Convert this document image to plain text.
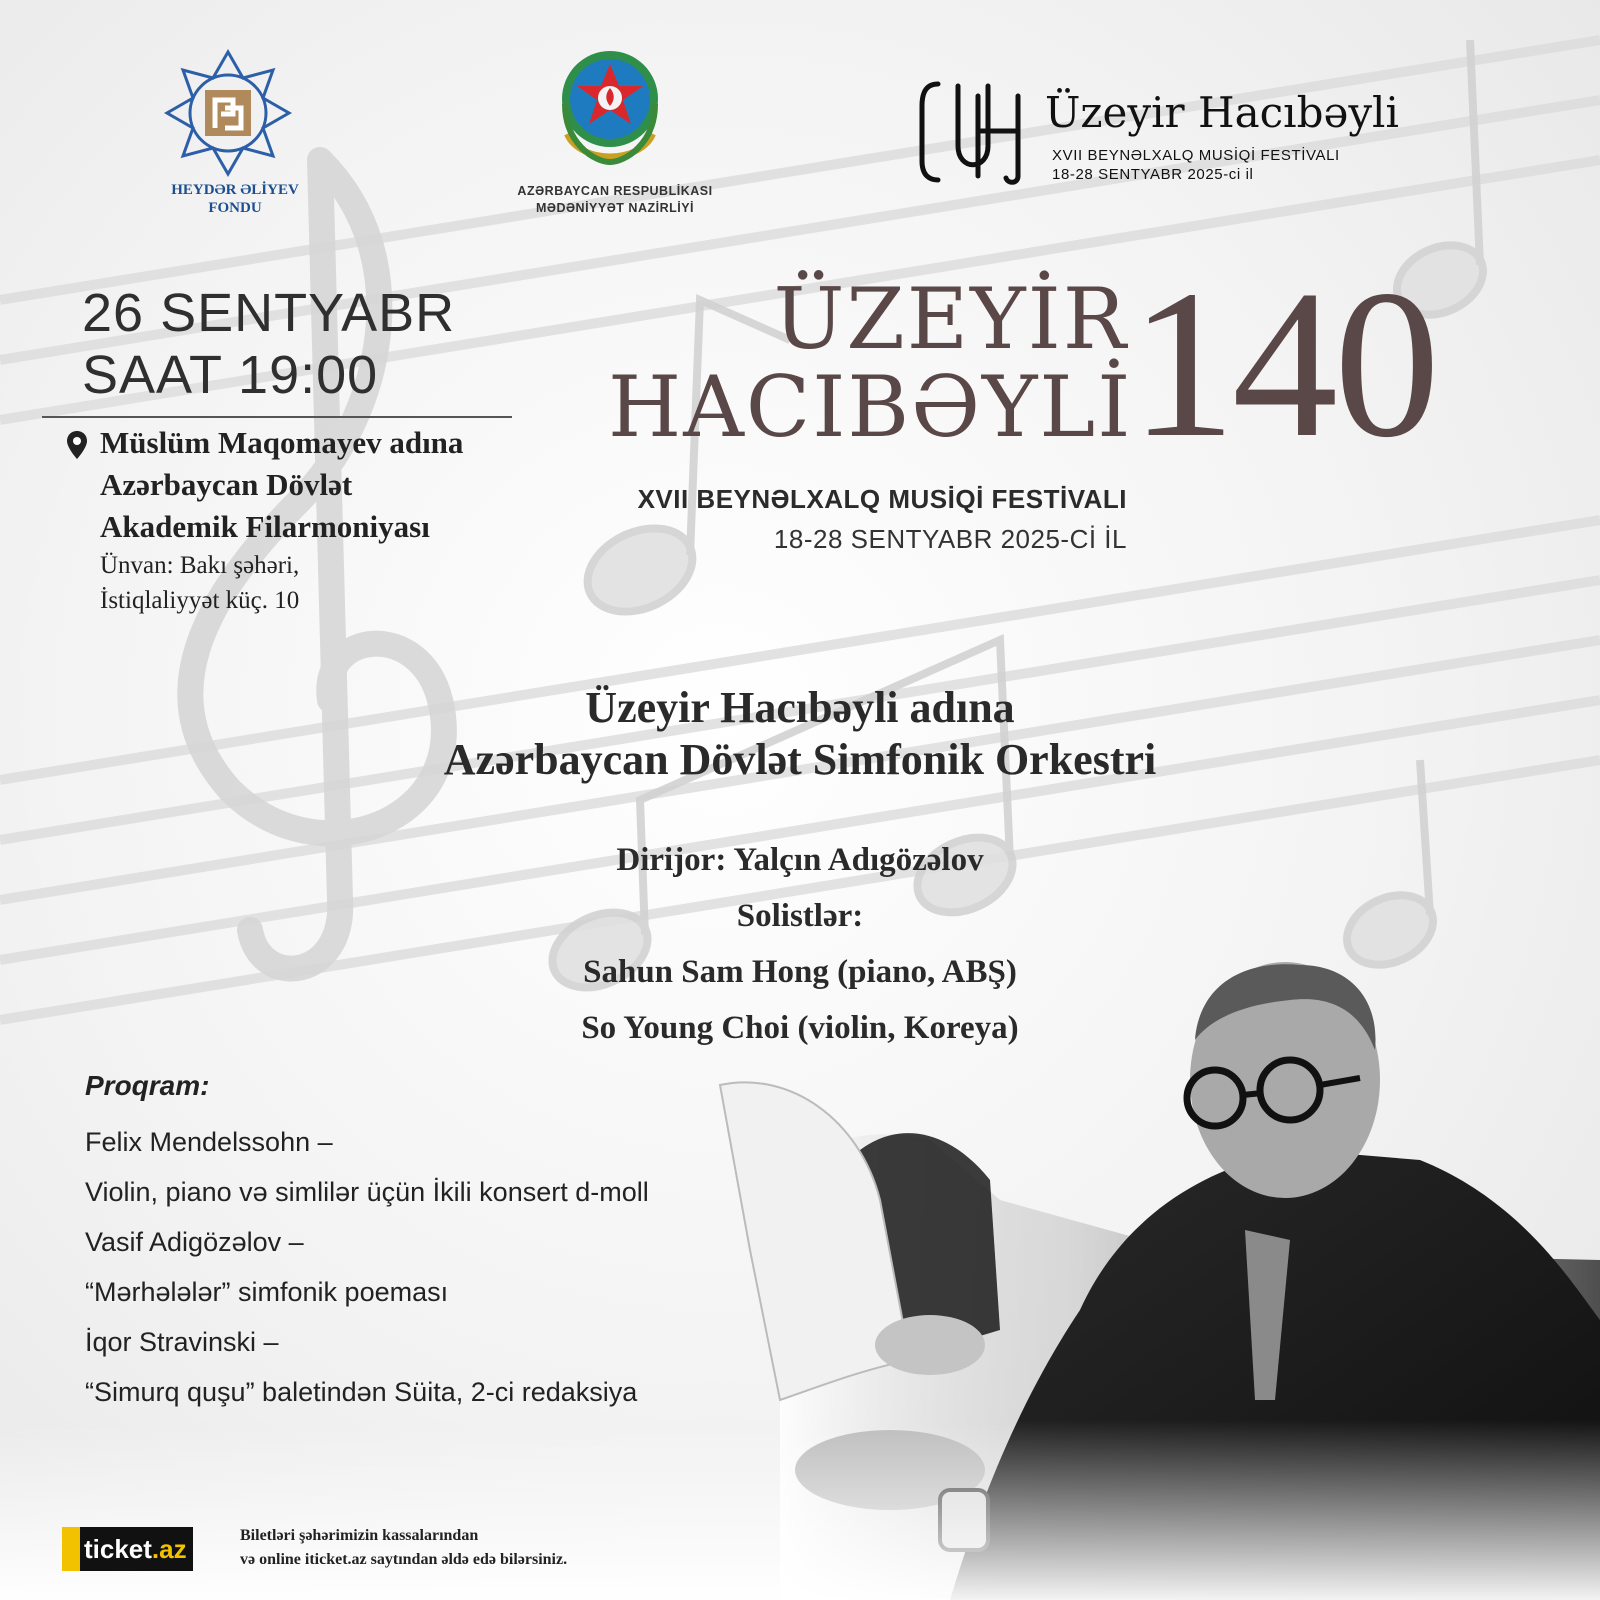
HEYDƏR ƏLİYEV
FONDU
AZƏRBAYCAN RESPUBLİKASI
MƏDƏNİYYƏT NAZİRLİYİ
Üzeyir Hacıbəyli
XVII BEYNƏLXALQ MUSİQİ FESTİVALI
18-28 SENTYABR 2025-ci il
26 SENTYABR
SAAT 19:00
Müslüm Maqomayev adına
Azərbaycan Dövlət
Akademik Filarmoniyası
Ünvan: Bakı şəhəri,
İstiqlaliyyət küç. 10
ÜZEYİR
HACIBƏYLİ
140
XVII BEYNƏLXALQ MUSİQİ FESTİVALI
18-28 SENTYABR 2025-Cİ İL
Üzeyir Hacıbəyli adına
Azərbaycan Dövlət Simfonik Orkestri
Dirijor: Yalçın Adıgözəlov
Solistlər:
Sahun Sam Hong (piano, ABŞ)
So Young Choi (violin, Koreya)
Proqram:
Felix Mendelssohn –
Violin, piano və simlilər üçün İkili konsert d-moll
Vasif Adigözəlov –
“Mərhələlər” simfonik poeması
İqor Stravinski –
“Simurq quşu” baletindən Süita, 2-ci redaksiya
ticket .az	Biletləri şəhərimizin kassalarından
və online iticket.az saytından əldə edə bilərsiniz.
